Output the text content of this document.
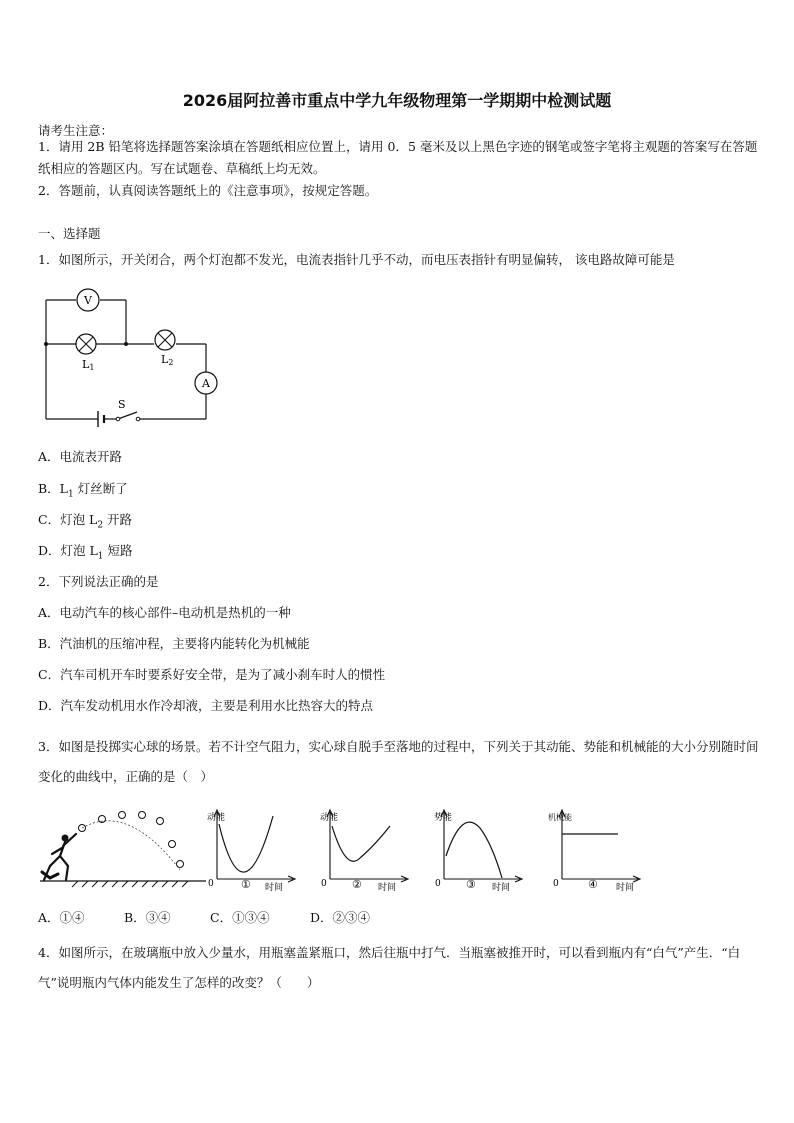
2026届阿拉善市重点中学九年级物理第一学期期中检测试题
请考生注意：
1．请用 2B 铅笔将选择题答案涂填在答题纸相应位置上，请用 0．5 毫米及以上黑色字迹的钢笔或签字笔将主观题的答案写在答题纸相应的答题区内。写在试题卷、草稿纸上均无效。
2．答题前，认真阅读答题纸上的《注意事项》，按规定答题。
一、选择题
1．如图所示，开关闭合，两个灯泡都不发光，电流表指针几乎不动，而电压表指针有明显偏转， 该电路故障可能是
V
L1
L2
A
S
A．电流表开路
B．$L_1$ 灯丝断了
C．灯泡 $L_2$ 开路
D．灯泡 $L_1$ 短路
2．下列说法正确的是
A．电动汽车的核心部件–电动机是热机的一种
B．汽油机的压缩冲程，主要将内能转化为机械能
C．汽车司机开车时要系好安全带，是为了减小刹车时人的惯性
D．汽车发动机用水作冷却液，主要是利用水比热容大的特点
3．如图是投掷实心球的场景。若不计空气阻力，实心球自脱手至落地的过程中，下列关于其动能、势能和机械能的大小分别随时间变化的曲线中，正确的是（　）
动能
0 ① 时间
动能
0 ② 时间
势能
0 ③ 时间
机械能
0	④ 时间
A．①④	B．③④	C．①③④	D．②③④
4．如图所示，在玻璃瓶中放入少量水，用瓶塞盖紧瓶口，然后往瓶中打气．当瓶塞被推开时，可以看到瓶内有“白气”产生．“白气”说明瓶内气体内能发生了怎样的改变？（　　）
